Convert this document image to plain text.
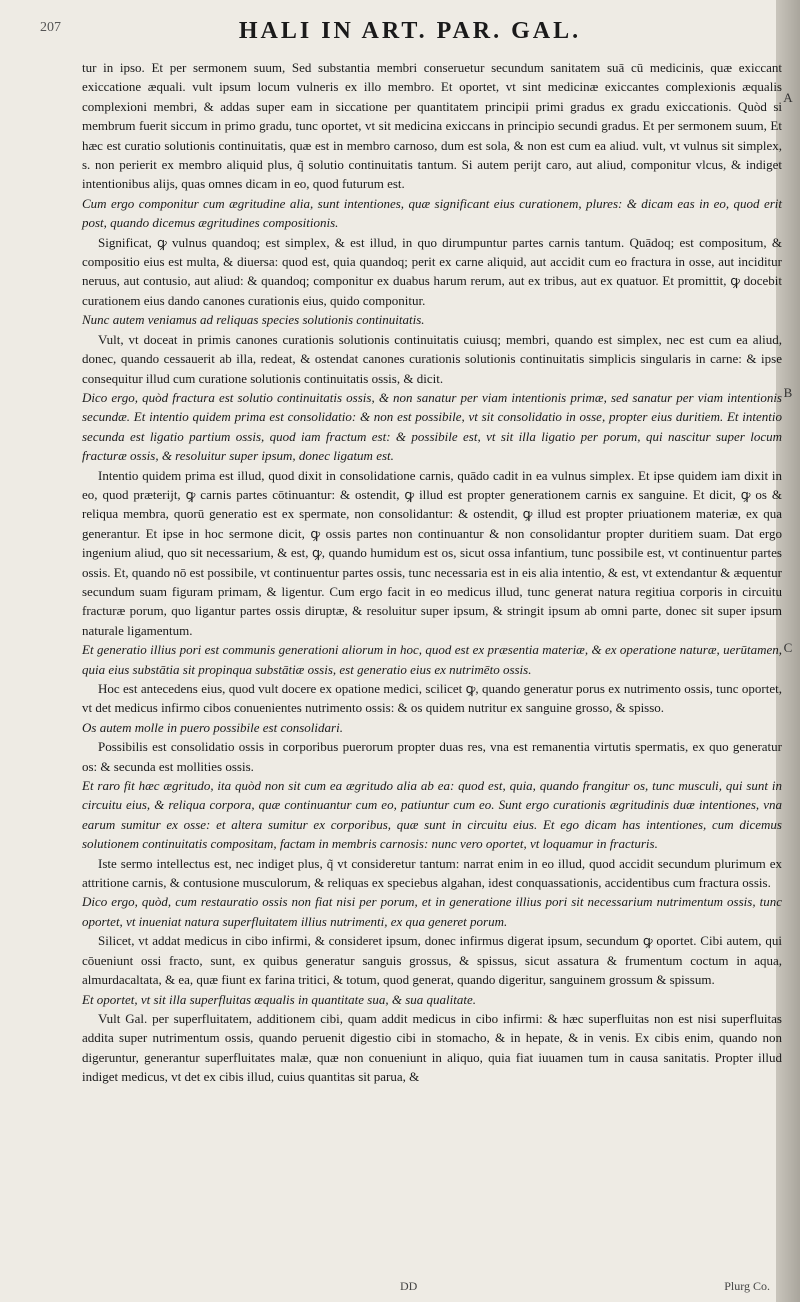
A
B
C
207	HALI IN ART. PAR. GAL.

tur in ipso. Et per sermonem suum, Sed substantia membri conseruetur secundum sanitatem suā cū medicinis, quæ exiccant exiccatione æquali. vult ipsum locum vulneris ex illo membro. Et oportet, vt sint medicinæ exiccantes complexionis æqualis complexioni membri, & addas super eam in siccatione per quantitatem principii primi gradus ex gradu exiccationis. Quòd si membrum fuerit siccum in primo gradu, tunc oportet, vt sit medicina exiccans in principio secundi gradus. Et per sermonem suum, Et hæc est curatio solutionis continuitatis, quæ est in membro carnoso, dum est sola, & non est cum ea aliud. vult, vt vulnus sit simplex, s. non perierit ex membro aliquid plus, q̃ solutio continuitatis tantum. Si autem perijt caro, aut aliud, componitur vlcus, & indiget intentionibus alijs, quas omnes dicam in eo, quod futurum est.

Cum ergo componitur cum ægritudine alia, sunt intentiones, quæ significant eius curationem, plures: & dicam eas in eo, quod erit post, quando dicemus ægritudines compositionis.

Significat, ꝙ vulnus quandoq; est simplex, & est illud, in quo dirumpuntur partes carnis tantum. Quādoq; est compositum, & compositio eius est multa, & diuersa: quod est, quia quandoq; perit ex carne aliquid, aut accidit cum eo fractura in osse, aut inciditur neruus, aut contusio, aut aliud: & quandoq; componitur ex duabus harum rerum, aut ex tribus, aut ex quatuor. Et promittit, ꝙ docebit curationem eius dando canones curationis eius, quido componitur.

Nunc autem veniamus ad reliquas species solutionis continuitatis.

Vult, vt doceat in primis canones curationis solutionis continuitatis cuiusq; membri, quando est simplex, nec est cum ea aliud, donec, quando cessauerit ab illa, redeat, & ostendat canones curationis solutionis continuitatis simplicis singularis in carne: & ipse consequitur illud cum curatione solutionis continuitatis ossis, & dicit.

Dico ergo, quòd fractura est solutio continuitatis ossis, & non sanatur per viam intentionis primæ, sed sanatur per viam intentionis secundæ. Et intentio quidem prima est consolidatio: & non est possibile, vt sit consolidatio in osse, propter eius duritiem. Et intentio secunda est ligatio partium ossis, quod iam fractum est: & possibile est, vt sit illa ligatio per porum, qui nascitur super locum fracturæ ossis, & resoluitur super ipsum, donec ligatum est.

Intentio quidem prima est illud, quod dixit in consolidatione carnis, quādo cadit in ea vulnus simplex. Et ipse quidem iam dixit in eo, quod præterijt, ꝙ carnis partes cōtinuantur: & ostendit, ꝙ illud est propter generationem carnis ex sanguine. Et dicit, ꝙ os & reliqua membra, quorū generatio est ex spermate, non consolidantur: & ostendit, ꝙ illud est propter priuationem materiæ, ex qua generantur. Et ipse in hoc sermone dicit, ꝙ ossis partes non continuantur & non consolidantur propter duritiem suam. Dat ergo ingenium aliud, quo sit necessarium, & est, ꝙ, quando humidum est os, sicut ossa infantium, tunc possibile est, vt continuentur partes ossis. Et, quando nō est possibile, vt continuentur partes ossis, tunc necessaria est in eis alia intentio, & est, vt extendantur & æquentur secundum suam figuram primam, & ligentur. Cum ergo facit in eo medicus illud, tunc generat natura regitiua corporis in circuitu fracturæ porum, quo ligantur partes ossis diruptæ, & resoluitur super ipsum, & stringit ipsum ab omni parte, donec sit super ipsum naturale ligamentum.

Et generatio illius pori est communis generationi aliorum in hoc, quod est ex præsentia materiæ, & ex operatione naturæ, uerūtamen, quia eius substātia sit propinqua substātiæ ossis, est generatio eius ex nutrimēto ossis.

Hoc est antecedens eius, quod vult docere ex opatione medici, scilicet ꝙ, quando generatur porus ex nutrimento ossis, tunc oportet, vt det medicus infirmo cibos conuenientes nutrimento ossis: & os quidem nutritur ex sanguine grosso, & spisso.

Os autem molle in puero possibile est consolidari.

Possibilis est consolidatio ossis in corporibus puerorum propter duas res, vna est remanentia virtutis spermatis, ex quo generatur os: & secunda est mollities ossis.

Et raro fit hæc ægritudo, ita quòd non sit cum ea ægritudo alia ab ea: quod est, quia, quando frangitur os, tunc musculi, qui sunt in circuitu eius, & reliqua corpora, quæ continuantur cum eo, patiuntur cum eo. Sunt ergo curationis ægritudinis duæ intentiones, vna earum sumitur ex osse: et altera sumitur ex corporibus, quæ sunt in circuitu eius. Et ego dicam has intentiones, cum dicemus solutionem continuitatis compositam, factam in membris carnosis: nunc vero oportet, vt loquamur in fracturis.

Iste sermo intellectus est, nec indiget plus, q̃ vt consideretur tantum: narrat enim in eo illud, quod accidit secundum plurimum ex attritione carnis, & contusione musculorum, & reliquas ex speciebus algahan, idest conquassationis, accidentibus cum fractura ossis.

Dico ergo, quòd, cum restauratio ossis non fiat nisi per porum, et in generatione illius pori sit necessarium nutrimentum ossis, tunc oportet, vt inueniat natura superfluitatem illius nutrimenti, ex qua generet porum.

Silicet, vt addat medicus in cibo infirmi, & consideret ipsum, donec infirmus digerat ipsum, secundum ꝙ oportet. Cibi autem, qui cōueniunt ossi fracto, sunt, ex quibus generatur sanguis grossus, & spissus, sicut assatura & frumentum coctum in aqua, almurdacaltata, & ea, quæ fiunt ex farina tritici, & totum, quod generat, quando digeritur, sanguinem grossum & spissum.

Et oportet, vt sit illa superfluitas æqualis in quantitate sua, & sua qualitate.

Vult Gal. per superfluitatem, additionem cibi, quam addit medicus in cibo infirmi: & hæc superfluitas non est nisi superfluitas addita super nutrimentum ossis, quando peruenit digestio cibi in stomacho, & in hepate, & in venis. Ex cibis enim, quando non digeruntur, generantur superfluitates malæ, quæ non conueniunt in aliquo, quia fiat iuuamen tum in causa sanitatis. Propter illud indiget medicus, vt det ex cibis illud, cuius quantitas sit parua, &

DD	Plurg Co.
